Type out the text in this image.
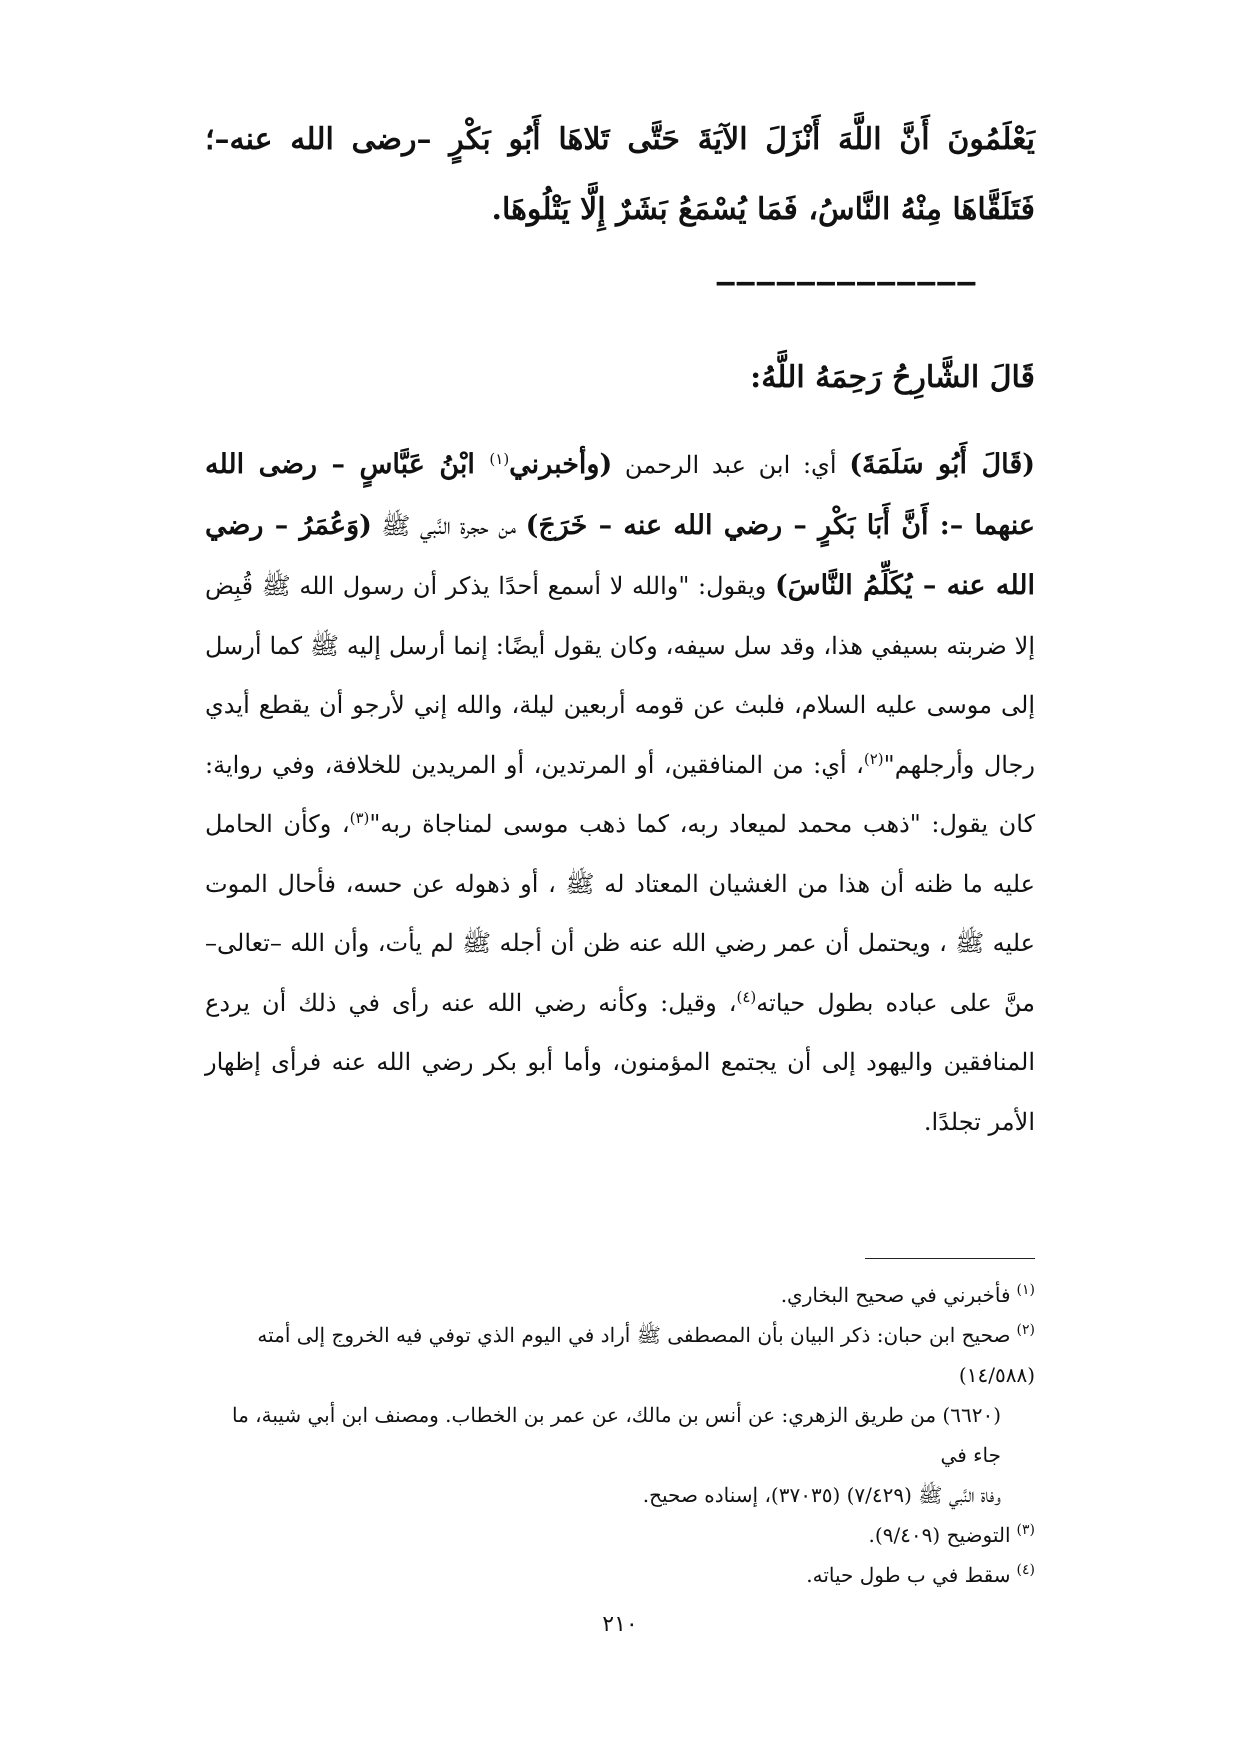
يَعْلَمُونَ أَنَّ اللَّهَ أَنْزَلَ الآيَةَ حَتَّى تَلاهَا أَبُو بَكْرٍ –رضى الله عنه–؛ فَتَلَقَّاهَا مِنْهُ النَّاسُ، فَمَا يُسْمَعُ بَشَرٌ إِلَّا يَتْلُوهَا.
–––––––––––––
قَالَ الشَّارِحُ رَحِمَهُ اللَّهُ:
(قَالَ أَبُو سَلَمَةَ) أي: ابن عبد الرحمن (وأخبرني$^{(١)}$ ابْنُ عَبَّاسٍ – رضى الله عنهما –: أَنَّ أَبَا بَكْرٍ – رضي الله عنه – خَرَجَ) من حجرة النَّبي ﷺ (وَعُمَرُ – رضي الله عنه – يُكَلِّمُ النَّاسَ) ويقول: "والله لا أسمع أحدًا يذكر أن رسول الله ﷺ قُبِض إلا ضربته بسيفي هذا، وقد سل سيفه، وكان يقول أيضًا: إنما أرسل إليه ﷺ كما أرسل إلى موسى عليه السلام، فلبث عن قومه أربعين ليلة، والله إني لأرجو أن يقطع أيدي رجال وأرجلهم"$^{(٢)}$، أي: من المنافقين، أو المرتدين، أو المريدين للخلافة، وفي رواية: كان يقول: "ذهب محمد لميعاد ربه، كما ذهب موسى لمناجاة ربه"$^{(٣)}$، وكأن الحامل عليه ما ظنه أن هذا من الغشيان المعتاد له ﷺ ، أو ذهوله عن حسه، فأحال الموت عليه ﷺ ، ويحتمل أن عمر رضي الله عنه ظن أن أجله ﷺ لم يأت، وأن الله –تعالى– منَّ على عباده بطول حياته$^{(٤)}$، وقيل: وكأنه رضي الله عنه رأى في ذلك أن يردع المنافقين واليهود إلى أن يجتمع المؤمنون، وأما أبو بكر رضي الله عنه فرأى إظهار الأمر تجلدًا.
$^{(١)}$فأخبرني في صحيح البخاري.
$^{(٢)}$صحيح ابن حبان: ذكر البيان بأن المصطفى ﷺ أراد في اليوم الذي توفي فيه الخروج إلى أمته (١٤/٥٨٨)
(٦٦٢٠) من طريق الزهري: عن أنس بن مالك، عن عمر بن الخطاب. ومصنف ابن أبي شيبة، ما جاء في
وفاة النَّبي ﷺ (٧/٤٢٩) (٣٧٠٣٥)، إسناده صحيح.
$^{(٣)}$التوضيح (٩/٤٠٩).
$^{(٤)}$سقط في ب طول حياته.
٢١٠
